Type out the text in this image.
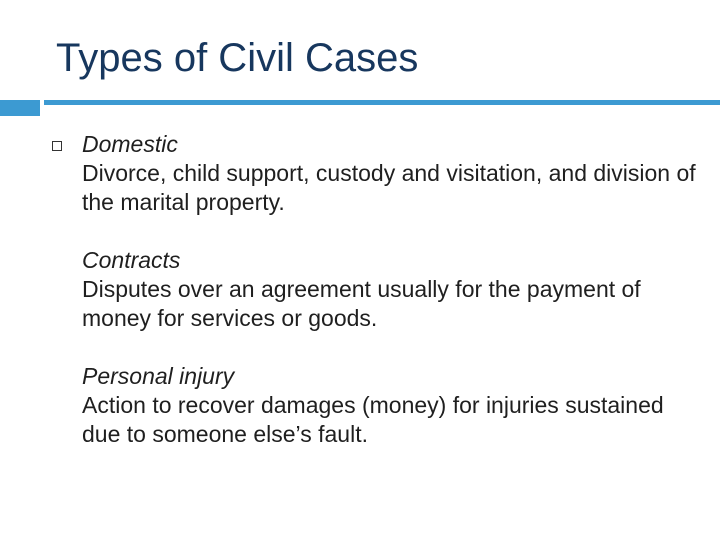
Types of Civil Cases
Domestic
Divorce, child support, custody and visitation, and division of the marital property.
Contracts
Disputes over an agreement usually for the payment of money for services or goods.
Personal injury
Action to recover damages (money) for injuries sustained due to someone else’s fault.
